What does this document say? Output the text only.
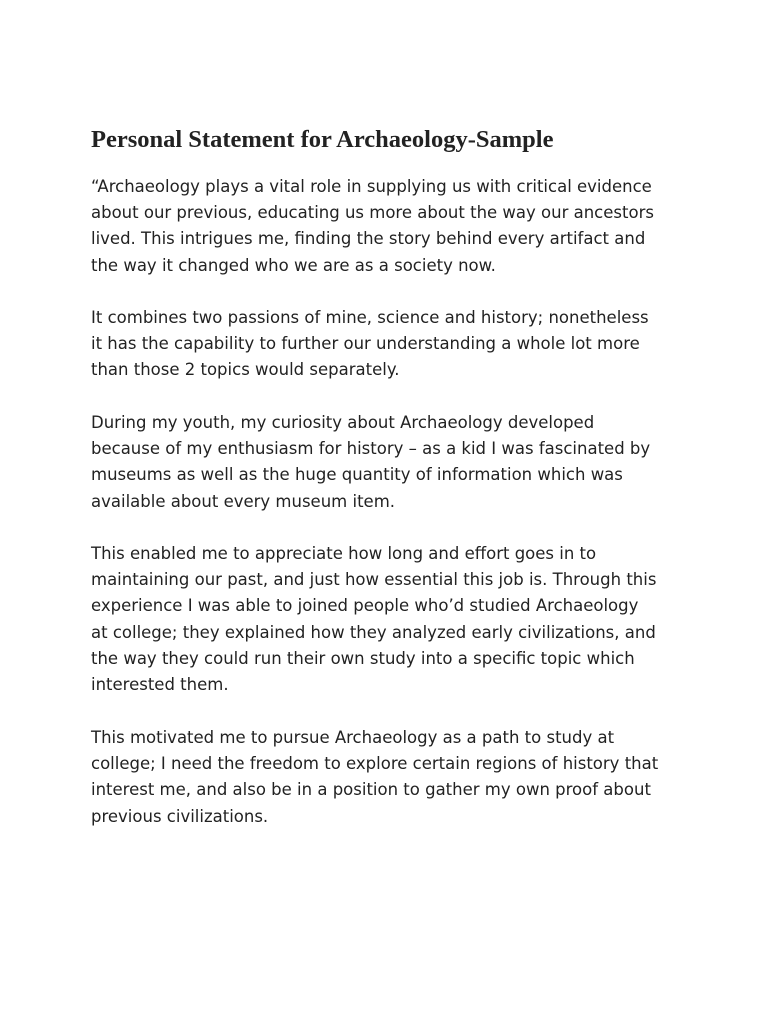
Personal Statement for Archaeology-Sample

“Archaeology plays a vital role in supplying us with critical evidence
about our previous, educating us more about the way our ancestors
lived. This intrigues me, finding the story behind every artifact and
the way it changed who we are as a society now.

It combines two passions of mine, science and history; nonetheless
it has the capability to further our understanding a whole lot more
than those 2 topics would separately.

During my youth, my curiosity about Archaeology developed
because of my enthusiasm for history – as a kid I was fascinated by
museums as well as the huge quantity of information which was
available about every museum item.

This enabled me to appreciate how long and effort goes in to
maintaining our past, and just how essential this job is. Through this
experience I was able to joined people who’d studied Archaeology
at college; they explained how they analyzed early civilizations, and
the way they could run their own study into a specific topic which
interested them.

This motivated me to pursue Archaeology as a path to study at
college; I need the freedom to explore certain regions of history that
interest me, and also be in a position to gather my own proof about
previous civilizations.
